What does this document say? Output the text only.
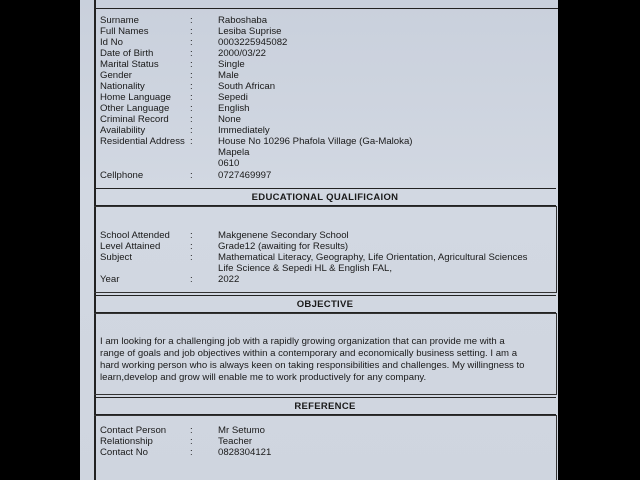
Surname	:	Raboshaba
Full Names	:	Lesiba Suprise
Id No	:	0003225945082
Date of Birth	:	2000/03/22
Marital Status	:	Single
Gender	:	Male
Nationality	:	South African
Home Language :	Sepedi
Other Language :	English
Criminal Record :	None
Availability	:	Immediately
Residential Address :	House No 10296 Phafola Village (Ga-Maloka)
Mapela
0610
Cellphone	:	0727469997
EDUCATIONAL QUALIFICAION
School Attended :	Makgenene Secondary School
Level Attained	:	Grade12 (awaiting for Results)
Subject	:	Mathematical Literacy, Geography, Life Orientation, Agricultural Sciences
Life Science & Sepedi HL & English FAL,
Year	:	2022
OBJECTIVE
I am looking for a challenging job with a rapidly growing organization that can provide me with a
range of goals and job objectives within a contemporary and economically business setting. I am a
hard working person who is always keen on taking responsibilities and challenges. My willingness to
learn,develop and grow will enable me to work productively for any company.
REFERENCE
Contact Person :	Mr Setumo
Relationship	:	Teacher
Contact No	:	0828304121
